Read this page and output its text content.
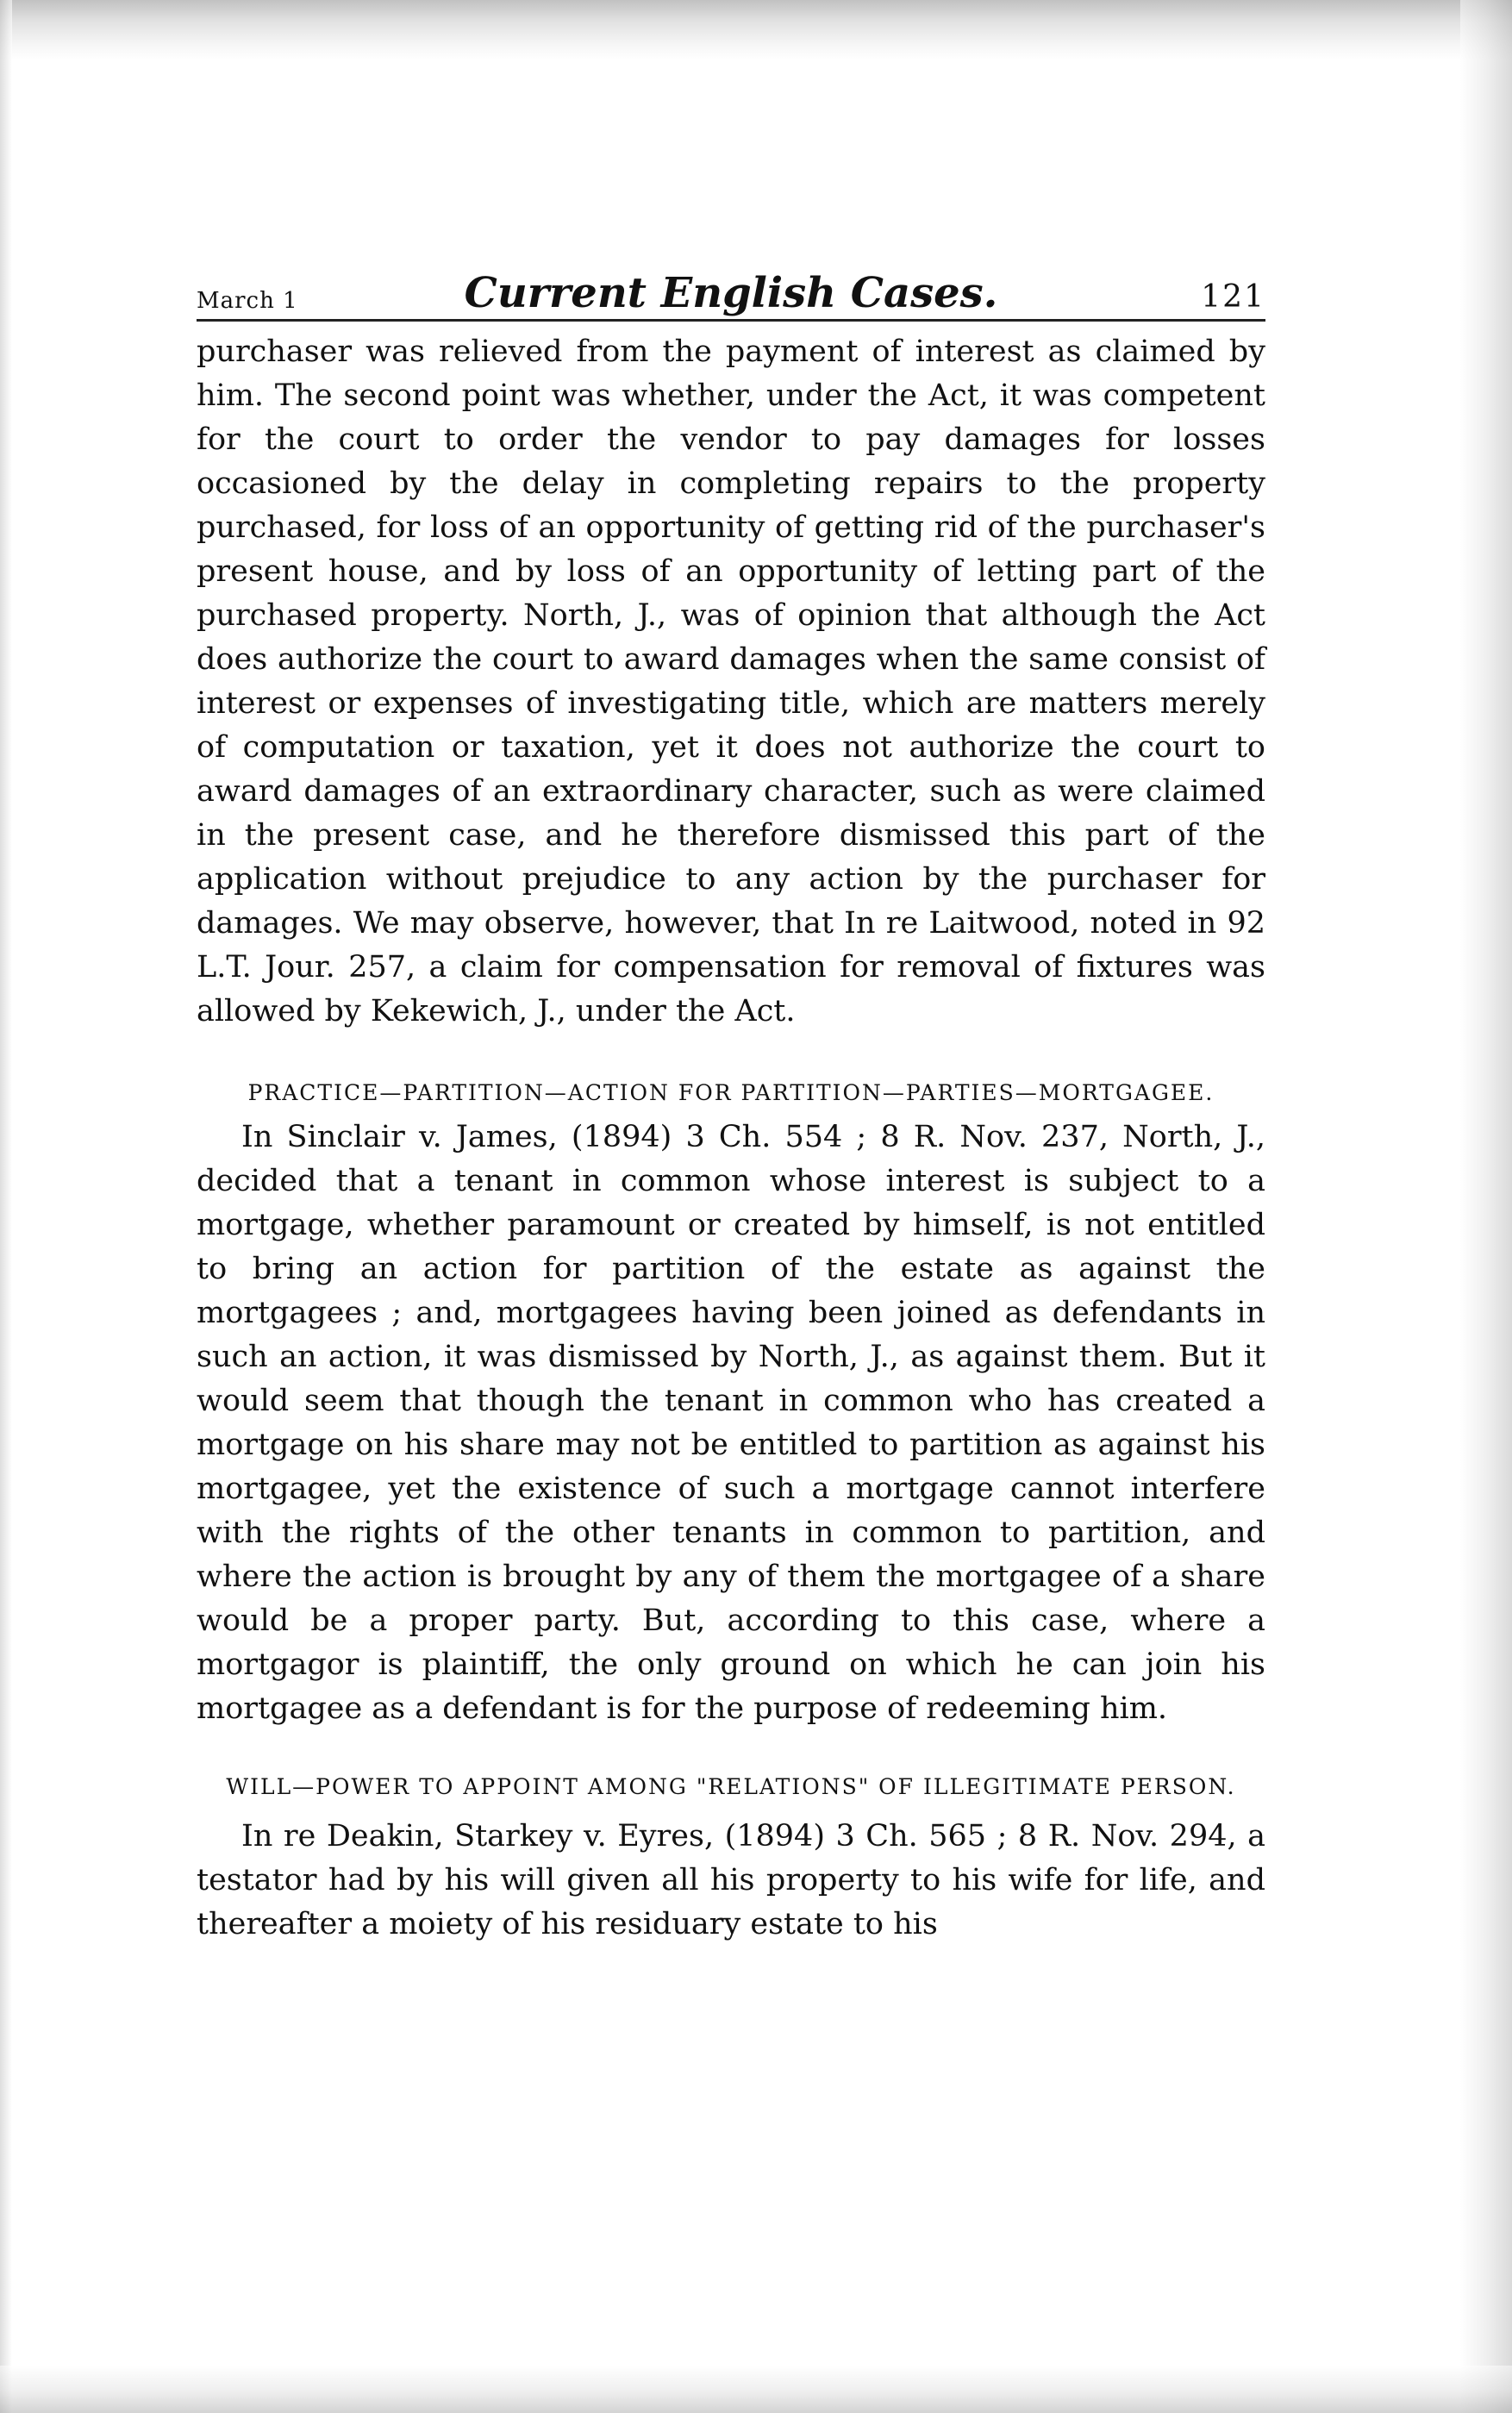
March 1	Current English Cases.	121

purchaser was relieved from the payment of interest as claimed by him. The second point was whether, under the Act, it was competent for the court to order the vendor to pay damages for losses occasioned by the delay in completing repairs to the property purchased, for loss of an opportunity of getting rid of the purchaser's present house, and by loss of an opportunity of letting part of the purchased property. North, J., was of opinion that although the Act does authorize the court to award damages when the same consist of interest or expenses of investigating title, which are matters merely of computation or taxation, yet it does not authorize the court to award damages of an extraordinary character, such as were claimed in the present case, and he therefore dismissed this part of the application without prejudice to any action by the purchaser for damages. We may observe, however, that In re Laitwood, noted in 92 L.T. Jour. 257, a claim for compensation for removal of fixtures was allowed by Kekewich, J., under the Act.

PRACTICE—PARTITION—ACTION FOR PARTITION—PARTIES—MORTGAGEE.

In Sinclair v. James, (1894) 3 Ch. 554 ; 8 R. Nov. 237, North, J., decided that a tenant in common whose interest is subject to a mortgage, whether paramount or created by himself, is not entitled to bring an action for partition of the estate as against the mortgagees ; and, mortgagees having been joined as defendants in such an action, it was dismissed by North, J., as against them. But it would seem that though the tenant in common who has created a mortgage on his share may not be entitled to partition as against his mortgagee, yet the existence of such a mortgage cannot interfere with the rights of the other tenants in common to partition, and where the action is brought by any of them the mortgagee of a share would be a proper party. But, according to this case, where a mortgagor is plaintiff, the only ground on which he can join his mortgagee as a defendant is for the purpose of redeeming him.

WILL—POWER TO APPOINT AMONG "RELATIONS" OF ILLEGITIMATE PERSON.

In re Deakin, Starkey v. Eyres, (1894) 3 Ch. 565 ; 8 R. Nov. 294, a testator had by his will given all his property to his wife for life, and thereafter a moiety of his residuary estate to his
